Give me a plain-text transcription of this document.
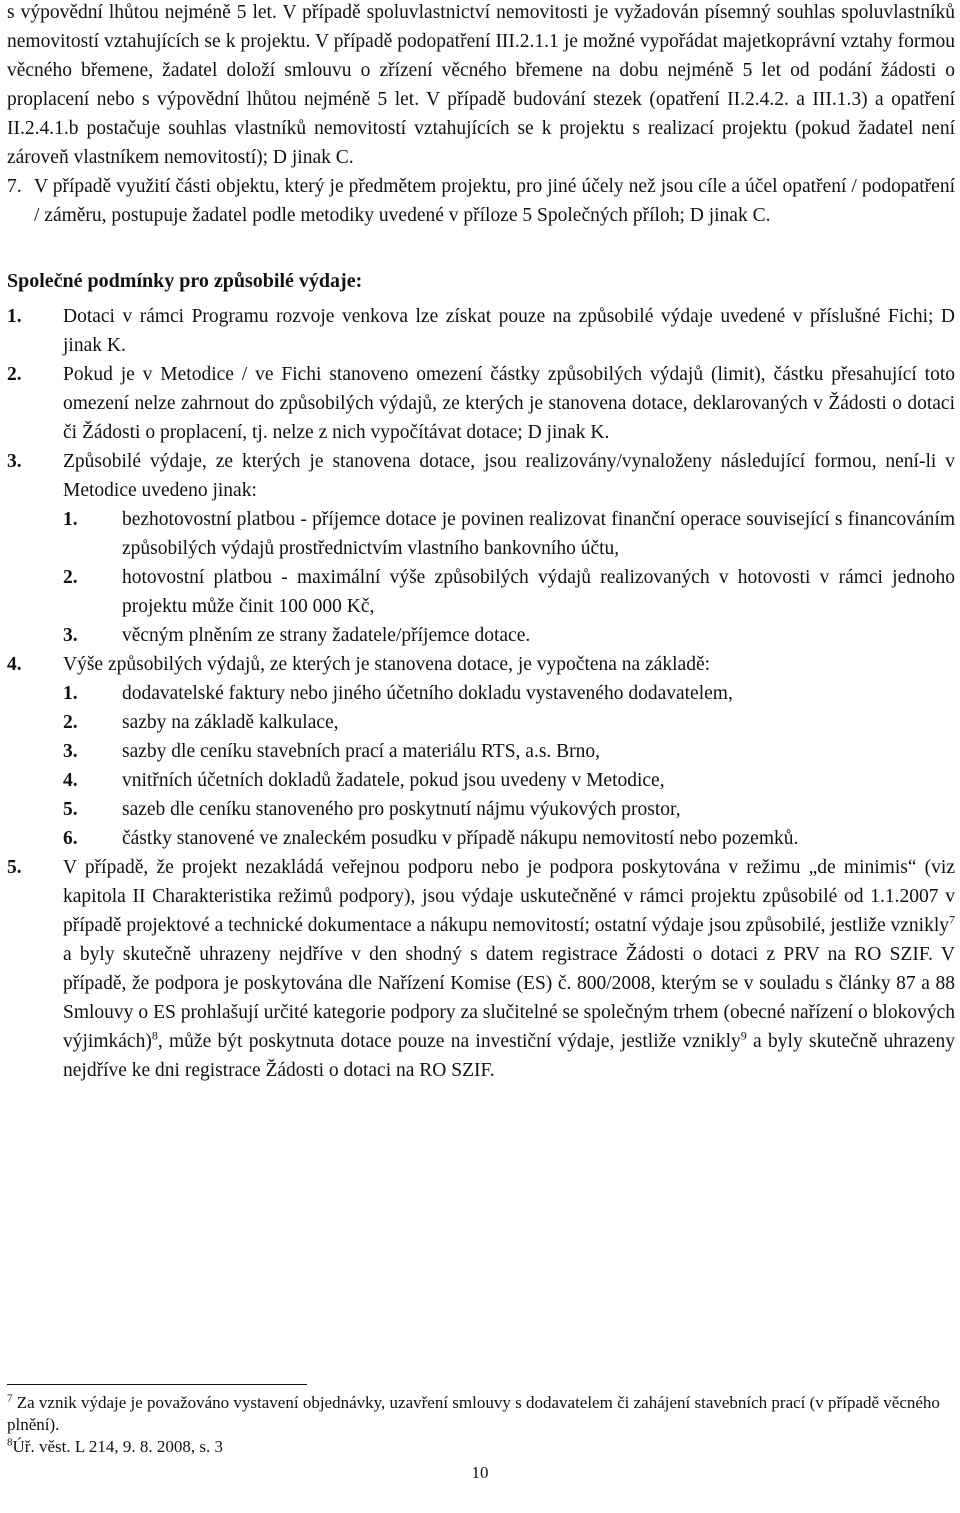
s výpovědní lhůtou nejméně 5 let. V případě spoluvlastnictví nemovitosti je vyžadován písemný souhlas spoluvlastníků nemovitostí vztahujících se k projektu. V případě podopatření III.2.1.1 je možné vypořádat majetkoprávní vztahy formou věcného břemene, žadatel doloží smlouvu o zřízení věcného břemene na dobu nejméně 5 let od podání žádosti o proplacení nebo s výpovědní lhůtou nejméně 5 let. V případě budování stezek (opatření II.2.4.2. a III.1.3) a opatření II.2.4.1.b postačuje souhlas vlastníků nemovitostí vztahujících se k projektu s realizací projektu (pokud žadatel není zároveň vlastníkem nemovitostí); D jinak C.

7. V případě využití části objektu, který je předmětem projektu, pro jiné účely než jsou cíle a účel opatření / podopatření / záměru, postupuje žadatel podle metodiky uvedené v příloze 5 Společných příloh; D jinak C.

Společné podmínky pro způsobilé výdaje:

1.	Dotaci v rámci Programu rozvoje venkova lze získat pouze na způsobilé výdaje uvedené v příslušné Fichi; D jinak K.
2.	Pokud je v Metodice / ve Fichi stanoveno omezení částky způsobilých výdajů (limit), částku přesahující toto omezení nelze zahrnout do způsobilých výdajů, ze kterých je stanovena dotace, deklarovaných v Žádosti o dotaci či Žádosti o proplacení, tj. nelze z nich vypočítávat dotace; D jinak K.
3.	Způsobilé výdaje, ze kterých je stanovena dotace, jsou realizovány/vynaloženy následující formou, není-li v Metodice uvedeno jinak:
1.	bezhotovostní platbou - příjemce dotace je povinen realizovat finanční operace související s financováním způsobilých výdajů prostřednictvím vlastního bankovního účtu,
2.	hotovostní platbou - maximální výše způsobilých výdajů realizovaných v hotovosti v rámci jednoho projektu může činit 100 000 Kč,
3.	věcným plněním ze strany žadatele/příjemce dotace.
4.	Výše způsobilých výdajů, ze kterých je stanovena dotace, je vypočtena na základě:
1.	dodavatelské faktury nebo jiného účetního dokladu vystaveného dodavatelem,
2.	sazby na základě kalkulace,
3.	sazby dle ceníku stavebních prací a materiálu RTS, a.s. Brno,
4.	vnitřních účetních dokladů žadatele, pokud jsou uvedeny v Metodice,
5.	sazeb dle ceníku stanoveného pro poskytnutí nájmu výukových prostor,
6.	částky stanovené ve znaleckém posudku v případě nákupu nemovitostí nebo pozemků.
5.	V případě, že projekt nezakládá veřejnou podporu nebo je podpora poskytována v režimu „de minimis“ (viz kapitola II Charakteristika režimů podpory), jsou výdaje uskutečněné v rámci projektu způsobilé od 1.1.2007 v případě projektové a technické dokumentace a nákupu nemovitostí; ostatní výdaje jsou způsobilé, jestliže vznikly$^7$ a byly skutečně uhrazeny nejdříve v den shodný s datem registrace Žádosti o dotaci z PRV na RO SZIF. V případě, že podpora je poskytována dle Nařízení Komise (ES) č. 800/2008, kterým se v souladu s články 87 a 88 Smlouvy o ES prohlašují určité kategorie podpory za slučitelné se společným trhem (obecné nařízení o blokových výjimkách)$^8$, může být poskytnuta dotace pouze na investiční výdaje, jestliže vznikly$^9$ a byly skutečně uhrazeny nejdříve ke dni registrace Žádosti o dotaci na RO SZIF.
$^7$ Za vznik výdaje je považováno vystavení objednávky, uzavření smlouvy s dodavatelem či zahájení stavebních prací (v případě věcného plnění).
$^8$Úř. věst. L 214, 9. 8. 2008, s. 3
10
